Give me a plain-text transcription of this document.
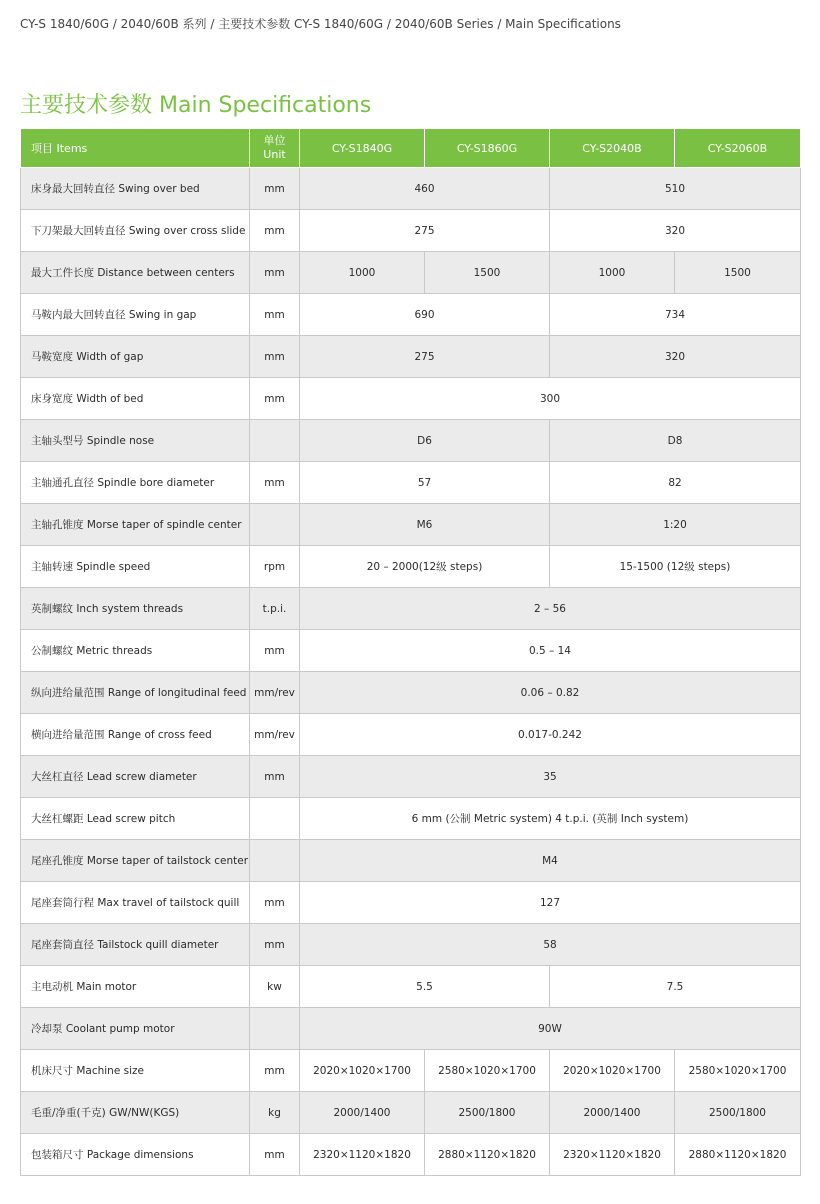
CY-S 1840/60G / 2040/60B 系列 / 主要技术参数 CY-S 1840/60G / 2040/60B Series / Main Specifications
主要技术参数 Main Specifications
项目 Items	单位
Unit	CY-S1840G	CY-S1860G	CY-S2040B	CY-S2060B
床身最大回转直径 Swing over bed	mm	460		510	
下刀架最大回转直径 Swing over cross slide	mm	275		320	
最大工件长度 Distance between centers	mm	1000	1500	1000	1500
马鞍内最大回转直径 Swing in gap	mm	690		734	
马鞍宽度 Width of gap	mm	275		320	
床身宽度 Width of bed	mm	300			
主轴头型号 Spindle nose		D6		D8	
主轴通孔直径 Spindle bore diameter	mm	57		82	
主轴孔锥度 Morse taper of spindle center		M6		1:20	
主轴转速 Spindle speed	rpm	20 – 2000(12级 steps)		15-1500 (12级 steps)	
英制螺纹 Inch system threads	t.p.i.	2 – 56			
公制螺纹 Metric threads	mm	0.5 – 14			
纵向进给量范围 Range of longitudinal feed	mm/rev	0.06 – 0.82			
横向进给量范围 Range of cross feed	mm/rev	0.017-0.242			
大丝杠直径 Lead screw diameter	mm	35			
大丝杠螺距 Lead screw pitch		6 mm (公制 Metric system) 4 t.p.i. (英制 Inch system)			
尾座孔锥度 Morse taper of tailstock center		M4			
尾座套筒行程 Max travel of tailstock quill	mm	127			
尾座套筒直径 Tailstock quill diameter	mm	58			
主电动机 Main motor	kw	5.5		7.5	
冷却泵 Coolant pump motor		90W			
机床尺寸 Machine size	mm	2020×1020×1700	2580×1020×1700	2020×1020×1700	2580×1020×1700
毛重/净重(千克) GW/NW(KGS)	kg	2000/1400	2500/1800	2000/1400	2500/1800
包装箱尺寸 Package dimensions	mm	2320×1120×1820	2880×1120×1820	2320×1120×1820	2880×1120×1820
